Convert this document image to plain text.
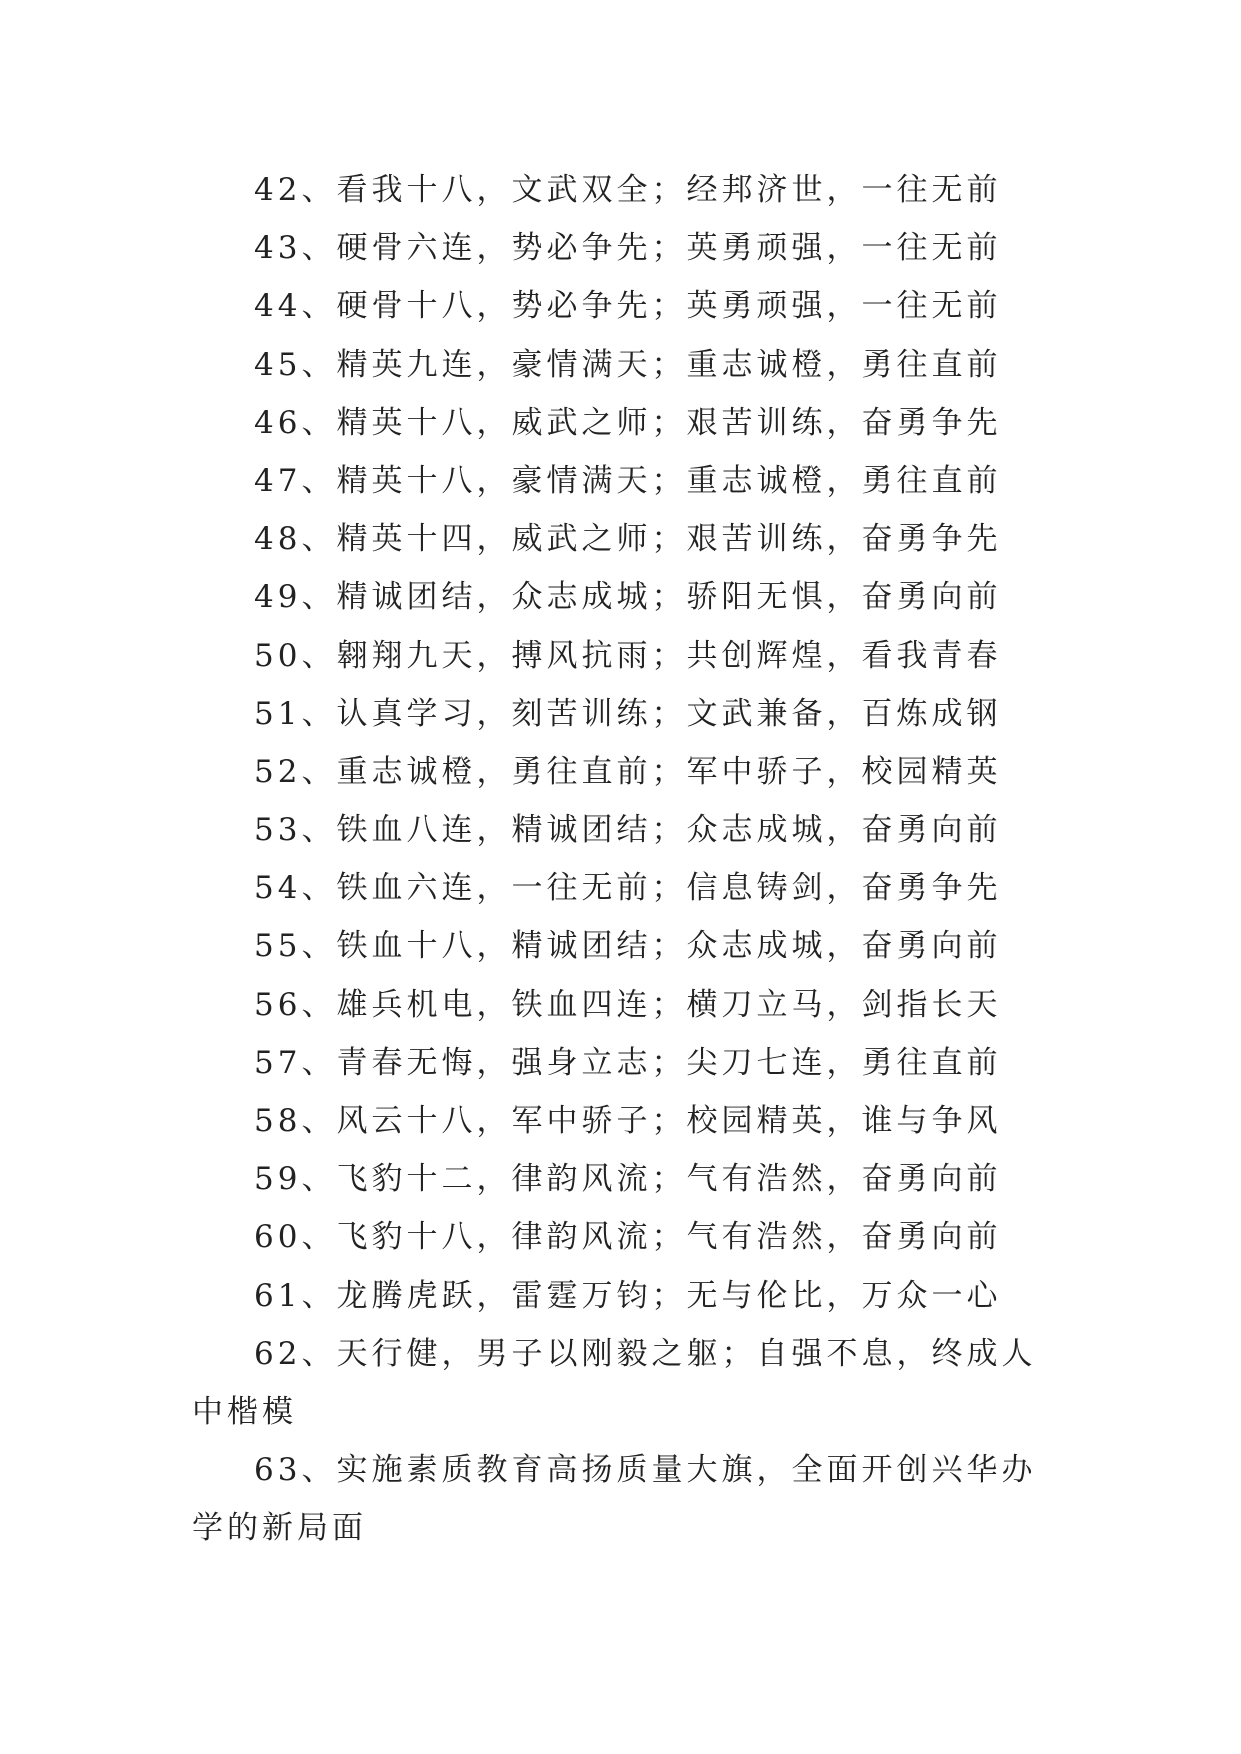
42、看我十八，文武双全；经邦济世，一往无前
43、硬骨六连，势必争先；英勇顽强，一往无前
44、硬骨十八，势必争先；英勇顽强，一往无前
45、精英九连，豪情满天；重志诚橙，勇往直前
46、精英十八，威武之师；艰苦训练，奋勇争先
47、精英十八，豪情满天；重志诚橙，勇往直前
48、精英十四，威武之师；艰苦训练，奋勇争先
49、精诚团结，众志成城；骄阳无惧，奋勇向前
50、翱翔九天，搏风抗雨；共创辉煌，看我青春
51、认真学习，刻苦训练；文武兼备，百炼成钢
52、重志诚橙，勇往直前；军中骄子，校园精英
53、铁血八连，精诚团结；众志成城，奋勇向前
54、铁血六连，一往无前；信息铸剑，奋勇争先
55、铁血十八，精诚团结；众志成城，奋勇向前
56、雄兵机电，铁血四连；横刀立马，剑指长天
57、青春无悔，强身立志；尖刀七连，勇往直前
58、风云十八，军中骄子；校园精英，谁与争风
59、飞豹十二，律韵风流；气有浩然，奋勇向前
60、飞豹十八，律韵风流；气有浩然，奋勇向前
61、龙腾虎跃，雷霆万钧；无与伦比，万众一心
62、天行健，男子以刚毅之躯；自强不息，终成人中楷模
63、实施素质教育高扬质量大旗，全面开创兴华办学的新局面
